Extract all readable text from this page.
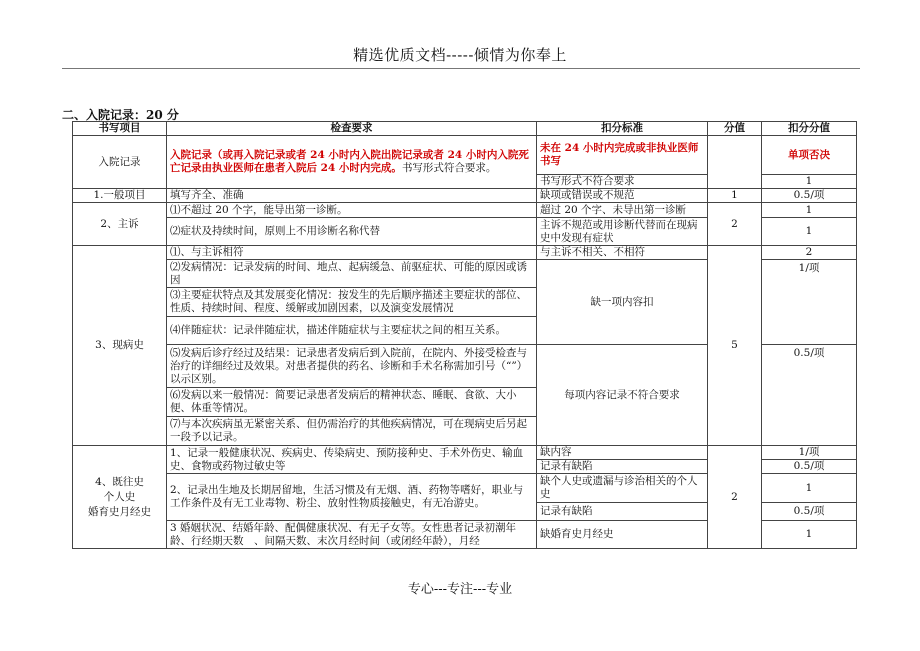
精选优质文档-----倾情为你奉上
二、入院记录：20 分
书写项目	检查要求	扣分标准	分值	扣分分值
入院记录	入院记录（或再入院记录或者 24 小时内入院出院记录或者 24 小时内入院死亡记录由执业医师在患者入院后 24 小时内完成。书写形式符合要求。	未在 24 小时内完成或非执业医师书写		单项否决
		书写形式不符合要求		1
1.一般项目	填写齐全、准确	缺项或错误或不规范	1	0.5/项
2、主诉	⑴不超过 20 个字，能导出第一诊断。	超过 20 个字、未导出第一诊断	2	1
	⑵症状及持续时间，原则上不用诊断名称代替	主诉不规范或用诊断代替而在现病史中发现有症状		1
3、现病史	⑴、与主诉相符	与主诉不相关、不相符	5	2
	⑵发病情况：记录发病的时间、地点、起病缓急、前驱症状、可能的原因或诱因	缺一项内容扣		1/项
	⑶主要症状特点及其发展变化情况：按发生的先后顺序描述主要症状的部位、性质、持续时间、程度、缓解或加剧因素，以及演变发展情况			
	⑷伴随症状：记录伴随症状，描述伴随症状与主要症状之间的相互关系。			
	⑸发病后诊疗经过及结果：记录患者发病后到入院前，在院内、外接受检查与治疗的详细经过及效果。对患者提供的药名、诊断和手术名称需加引号（“”）以示区别。	每项内容记录不符合要求		0.5/项
	⑹发病以来一般情况：简要记录患者发病后的精神状态、睡眠、食欲、大小便、体重等情况。			
	⑺与本次疾病虽无紧密关系、但仍需治疗的其他疾病情况，可在现病史后另起一段予以记录。			

4、既往史
个人史
婚育史月经史	1、记录一般健康状况、疾病史、传染病史、预防接种史、手术外伤史、输血史、食物或药物过敏史等	缺内容	2	1/项
		记录有缺陷		0.5/项
	2、记录出生地及长期居留地，生活习惯及有无烟、酒、药物等嗜好，职业与工作条件及有无工业毒物、粉尘、放射性物质接触史，有无冶游史。	缺个人史或遗漏与诊治相关的个人史		1
		记录有缺陷		0.5/项
	3 婚姻状况、结婚年龄、配偶健康状况、有无子女等。女性患者记录初潮年龄、行经期天数　、间隔天数、末次月经时间（或闭经年龄），月经	缺婚育史月经史		1
专心---专注---专业
